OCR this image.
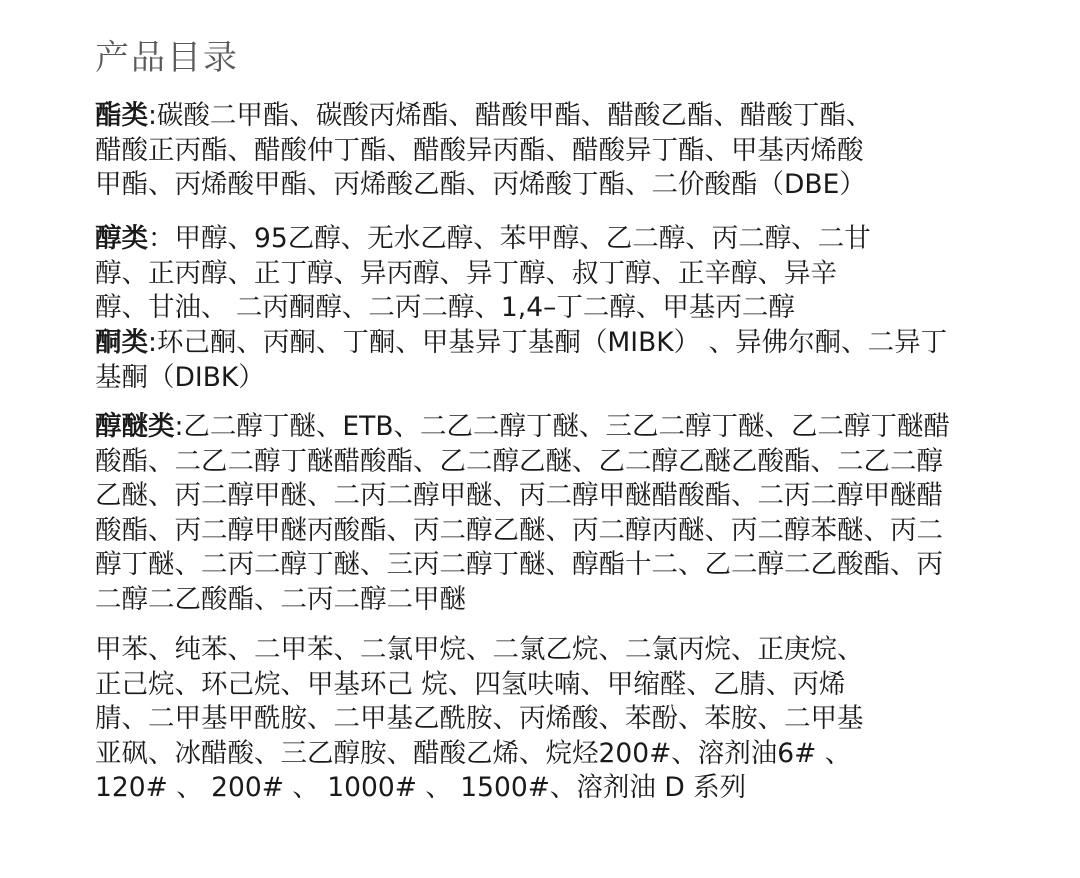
产品目录
酯类:碳酸二甲酯、碳酸丙烯酯、醋酸甲酯、醋酸乙酯、醋酸丁酯、
醋酸正丙酯、醋酸仲丁酯、醋酸异丙酯、醋酸异丁酯、甲基丙烯酸
甲酯、丙烯酸甲酯、丙烯酸乙酯、丙烯酸丁酯、二价酸酯（DBE）
醇类：甲醇、95乙醇、无水乙醇、苯甲醇、乙二醇、丙二醇、二甘
醇、正丙醇、正丁醇、异丙醇、异丁醇、叔丁醇、正辛醇、异辛
醇、甘油、 二丙酮醇、二丙二醇、1,4–丁二醇、甲基丙二醇
酮类:环己酮、丙酮、丁酮、甲基异丁基酮（MIBK） 、异佛尔酮、二异丁
基酮（DIBK）
醇醚类:乙二醇丁醚、ETB、二乙二醇丁醚、三乙二醇丁醚、乙二醇丁醚醋
酸酯、二乙二醇丁醚醋酸酯、乙二醇乙醚、乙二醇乙醚乙酸酯、二乙二醇
乙醚、丙二醇甲醚、二丙二醇甲醚、丙二醇甲醚醋酸酯、二丙二醇甲醚醋
酸酯、丙二醇甲醚丙酸酯、丙二醇乙醚、丙二醇丙醚、丙二醇苯醚、丙二
醇丁醚、二丙二醇丁醚、三丙二醇丁醚、醇酯十二、乙二醇二乙酸酯、丙
二醇二乙酸酯、二丙二醇二甲醚
甲苯、纯苯、二甲苯、二氯甲烷、二氯乙烷、二氯丙烷、正庚烷、
正己烷、环己烷、甲基环己 烷、四氢呋喃、甲缩醛、乙腈、丙烯
腈、二甲基甲酰胺、二甲基乙酰胺、丙烯酸、苯酚、苯胺、二甲基
亚砜、冰醋酸、三乙醇胺、醋酸乙烯、烷烃200#、溶剂油6# 、
120# 、 200# 、 1000# 、 1500#、溶剂油 D 系列
